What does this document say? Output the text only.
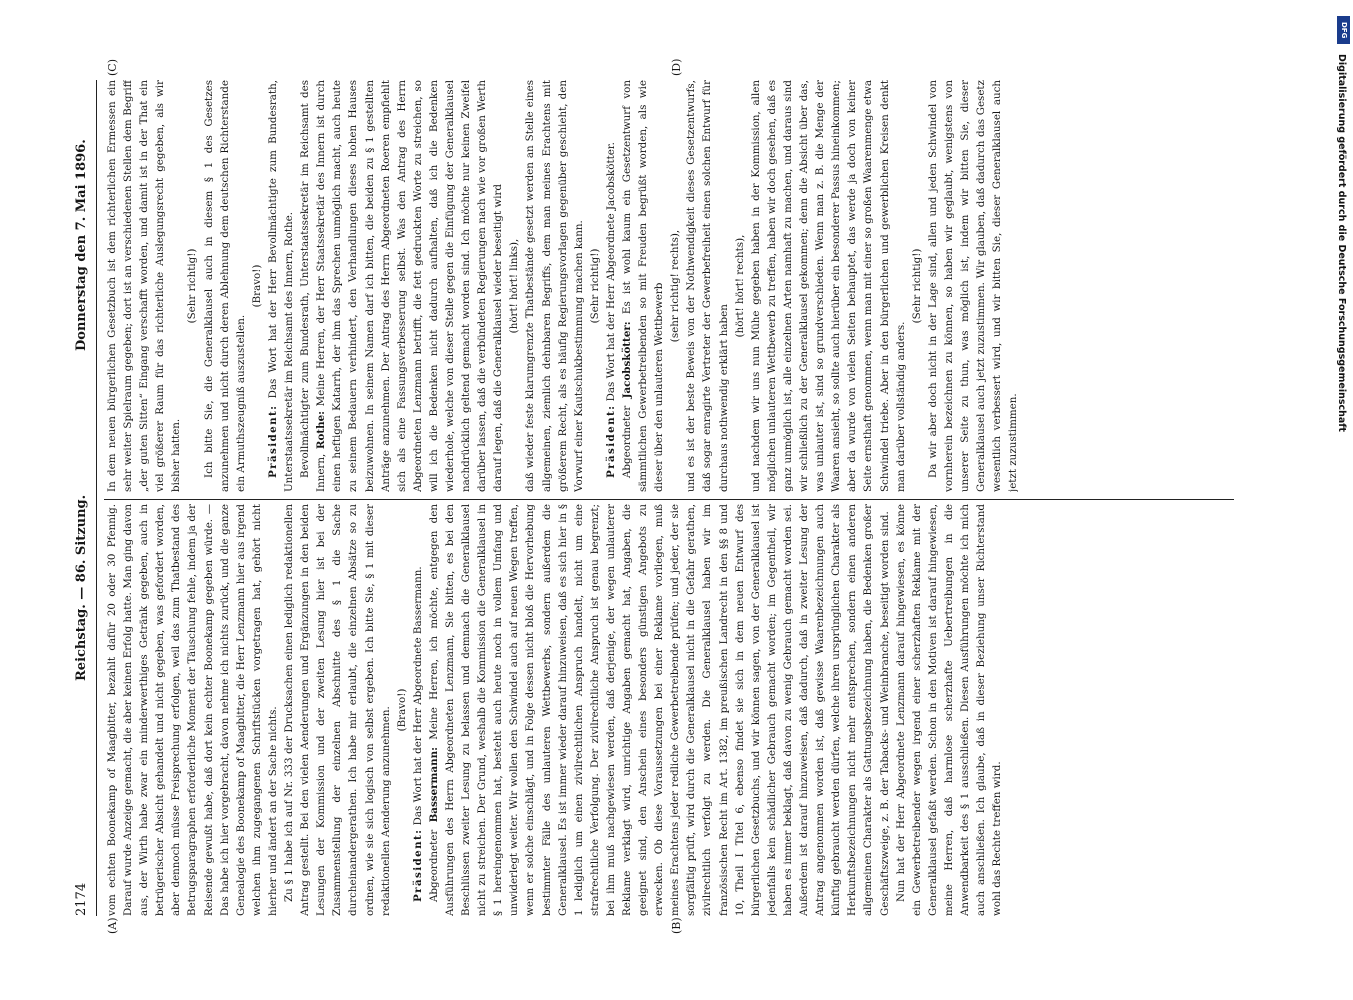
2174
Reichstag. — 86. Sitzung.
Donnerstag den 7. Mai 1896.
(A)	(B)
(C)	(D)

vom echten Boonekamp of Maagbitter, bezahlt dafür 20 oder 30 Pfennig. Darauf wurde Anzeige gemacht, die aber keinen Erfolg hatte. Man ging davon aus, der Wirth habe zwar ein minderwerthiges Getränk gegeben, auch in betrügerischer Absicht gehandelt und nicht gegeben, was gefordert worden, aber dennoch müsse Freisprechung erfolgen, weil das zum Thatbestand des Betrugsparagraphen erforderliche Moment der Täuschung fehle, indem ja der Reisende gewußt habe, daß dort kein echter Boonekamp gegeben würde. — Das habe ich hier vorgebracht, davon nehme ich nichts zurück, und die ganze Genealogie des Boonekamp of Maagbitter, die Herr Lenzmann hier aus irgend welchen ihm zugegangenen Schriftstücken vorgetragen hat, gehört nicht hierher und ändert an der Sache nichts. Zu § 1 habe ich auf Nr. 333 der Drucksachen einen lediglich redaktionellen Antrag gestellt. Bei den vielen Aenderungen und Ergänzungen in den beiden Lesungen der Kommission und der zweiten Lesung hier ist bei der Zusammenstellung der einzelnen Abschnitte des § 1 die Sache durcheinandergerathen. Ich habe mir erlaubt, die einzelnen Absätze so zu ordnen, wie sie sich logisch von selbst ergeben. Ich bitte Sie, § 1 mit dieser redaktionellen Aenderung anzunehmen. (Bravo!)

Präsident: Das Wort hat der Herr Abgeordnete Bassermann.

Abgeordneter Bassermann: Meine Herren, ich möchte, entgegen den Ausführungen des Herrn Abgeordneten Lenzmann, Sie bitten, es bei den Beschlüssen zweiter Lesung zu belassen und demnach die Generalklausel nicht zu streichen. Der Grund, weshalb die Kommission die Generalklausel in § 1 hereingenommen hat, besteht auch heute noch in vollem Umfang und unwiderlegt weiter. Wir wollen den Schwindel auch auf neuen Wegen treffen, wenn er solche einschlägt, und in Folge dessen nicht bloß die Hervorhebung bestimmter Fälle des unlauteren Wettbewerbs, sondern außerdem die Generalklausel. Es ist immer wieder darauf hinzuweisen, daß es sich hier in § 1 lediglich um einen zivilrechtlichen Anspruch handelt, nicht um eine strafrechtliche Verfolgung. Der zivilrechtliche Anspruch ist genau begrenzt; bei ihm muß nachgewiesen werden, daß derjenige, der wegen unlauterer Reklame verklagt wird, unrichtige Angaben gemacht hat, Angaben, die geeignet sind, den Anschein eines besonders günstigen Angebots zu erwecken. Ob diese Voraussetzungen bei einer Reklame vorliegen, muß meines Erachtens jeder redliche Gewerbetreibende prüfen; und jeder, der sie sorgfältig prüft, wird durch die Generalklausel nicht in die Gefahr gerathen, zivilrechtlich verfolgt zu werden. Die Generalklausel haben wir im französischen Recht im Art. 1382, im preußischen Landrecht in den §§ 8 und 10, Theil I Titel 6, ebenso findet sie sich in dem neuen Entwurf des bürgerlichen Gesetzbuchs, und wir können sagen, von der Generalklausel ist jedenfalls kein schädlicher Gebrauch gemacht worden; im Gegentheil, wir haben es immer beklagt, daß davon zu wenig Gebrauch gemacht worden sei. Außerdem ist darauf hinzuweisen, daß dadurch, daß in zweiter Lesung der Antrag angenommen worden ist, daß gewisse Waarenbezeichnungen auch künftig gebraucht werden dürfen, welche ihren ursprünglichen Charakter als Herkunftsbezeichnungen nicht mehr entsprechen, sondern einen anderen allgemeinen Charakter als Gattungsbezeichnung haben, die Bedenken großer Geschäftszweige, z. B. der Tabacks- und Weinbranche, beseitigt worden sind. Nun hat der Herr Abgeordnete Lenzmann darauf hingewiesen, es könne ein Gewerbetreibender wegen irgend einer scherzhaften Reklame mit der Generalklausel gefaßt werden. Schon in den Motiven ist darauf hingewiesen, meine Herren, daß harmlose scherzhafte Uebertreibungen in die Anwendbarkeit des § 1 ausschließen. Diesen Ausführungen möchte ich mich auch anschließen. Ich glaube, daß in dieser Beziehung unser Richterstand wohl das Rechte treffen wird.

In dem neuen bürgerlichen Gesetzbuch ist dem richterlichen Ermessen ein sehr weiter Spielraum gegeben; dort ist an verschiedenen Stellen dem Begriff „der guten Sitten“ Eingang verschafft worden, und damit ist in der That ein viel größerer Raum für das richterliche Auslegungsrecht gegeben, als wir bisher hatten.

(Sehr richtig!) Ich bitte Sie, die Generalklausel auch in diesem § 1 des Gesetzes anzunehmen und nicht durch deren Ablehnung dem deutschen Richterstande ein Armuthszeugniß auszustellen.

(Bravo!)

Präsident: Das Wort hat der Herr Bevollmächtigte zum Bundesrath, Unterstaatssekretär im Reichsamt des Innern, Rothe. Bevollmächtigter zum Bundesrath, Unterstaatssekretär im Reichsamt des Innern, Rothe: Meine Herren, der Herr Staatssekretär des Innern ist durch einen heftigen Katarrh, der ihm das Sprechen unmöglich macht, auch heute zu seinem Bedauern verhindert, den Verhandlungen dieses hohen Hauses beizuwohnen. In seinem Namen darf ich bitten, die beiden zu § 1 gestellten Anträge anzunehmen. Der Antrag des Herrn Abgeordneten Roeren empfiehlt sich als eine Fassungsverbesserung selbst. Was den Antrag des Herrn Abgeordneten Lenzmann betrifft, die fett gedruckten Worte zu streichen, so will ich die Bedenken nicht dadurch aufhalten, daß ich die Bedenken wiederhole, welche von dieser Stelle gegen die Einfügung der Generalklausel nachdrücklich geltend gemacht worden sind. Ich möchte nur keinen Zweifel darüber lassen, daß die verbündeten Regierungen nach wie vor großen Werth darauf legen, daß die Generalklausel wieder beseitigt wird (hört! hört! links), daß wieder feste klarumgrenzte Thatbestände gesetzt werden an Stelle eines allgemeinen, ziemlich dehnbaren Begriffs, dem man meines Erachtens mit größerem Recht, als es häufig Regierungsvorlagen gegenüber geschieht, den Vorwurf einer Kautschukbestimmung machen kann. (Sehr richtig!)

Präsident: Das Wort hat der Herr Abgeordnete Jacobskötter.

Abgeordneter Jacobskötter: Es ist wohl kaum ein Gesetzentwurf von sämmtlichen Gewerbetreibenden so mit Freuden begrüßt worden, als wie dieser über den unlauteren Wettbewerb (sehr richtig! rechts), und es ist der beste Beweis von der Nothwendigkeit dieses Gesetzentwurfs, daß sogar enragirte Vertreter der Gewerbefreiheit einen solchen Entwurf für durchaus nothwendig erklärt haben

(hört! hört! rechts), und nachdem wir uns nun Mühe gegeben haben in der Kommission, allen möglichen unlauteren Wettbewerb zu treffen, haben wir doch gesehen, daß es ganz unmöglich ist, alle einzelnen Arten namhaft zu machen, und daraus sind wir schließlich zu der Generalklausel gekommen; denn die Absicht über das, was unlauter ist, sind so grundverschieden. Wenn man z. B. die Menge der Waaren ansieht, so sollte auch hierüber ein besonderer Passus hineinkommen; aber da wurde von vielen Seiten behauptet, das werde ja doch von keiner Seite ernsthaft genommen, wenn man mit einer so großen Waarenmenge etwa Schwindel triebe. Aber in den bürgerlichen und gewerblichen Kreisen denkt man darüber vollständig anders.

(Sehr richtig!) Da wir aber doch nicht in der Lage sind, allen und jeden Schwindel von vornherein bezeichnen zu können, so haben wir geglaubt, wenigstens von unserer Seite zu thun, was möglich ist, indem wir bitten Sie, dieser Generalklausel auch jetzt zuzustimmen. Wir glauben, daß dadurch das Gesetz wesentlich verbessert wird, und wir bitten Sie, dieser Generalklausel auch jetzt zuzustimmen.

DFG
Digitalisierung gefördert durch die Deutsche Forschungsgemeinschaft
